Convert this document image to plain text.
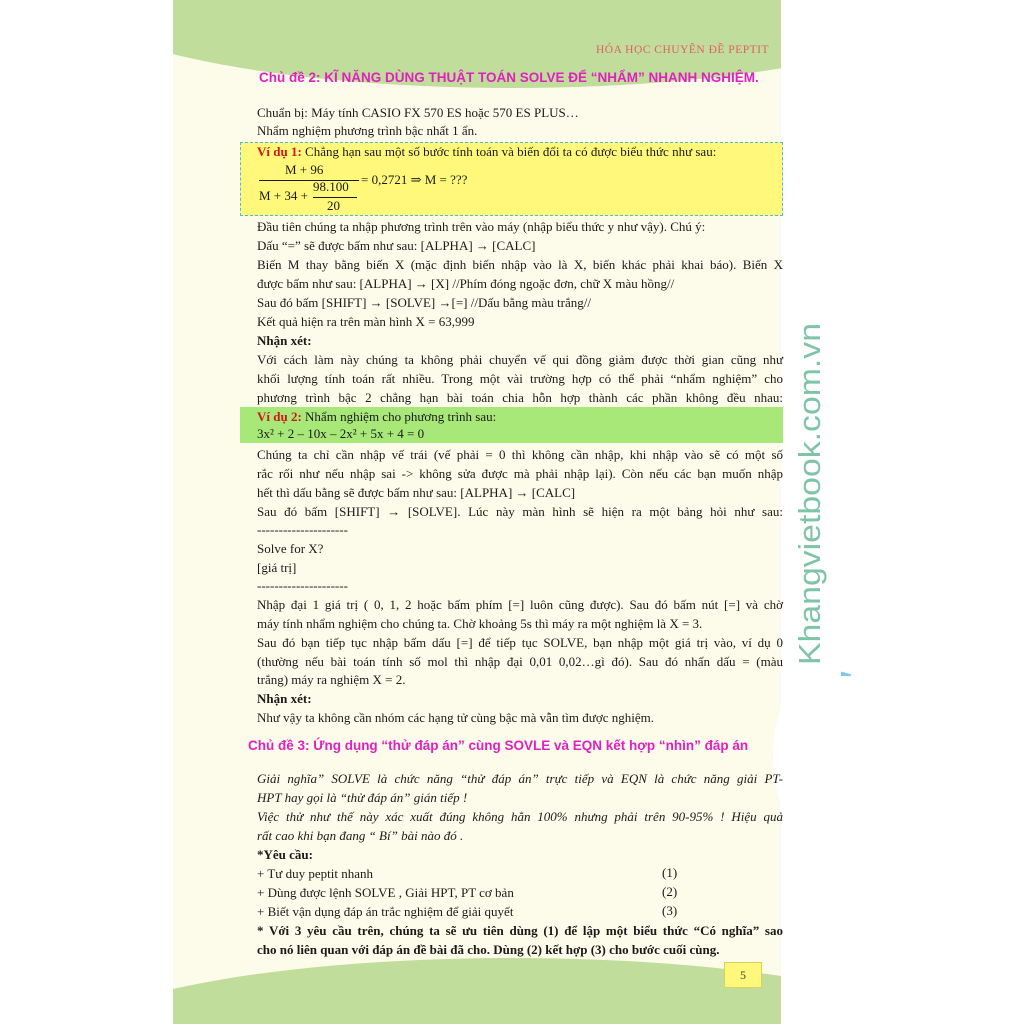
HÓA HỌC CHUYÊN ĐỀ PEPTIT
Chủ đề 2: KĨ NĂNG DÙNG THUẬT TOÁN SOLVE ĐỂ “NHẨM” NHANH NGHIỆM.
Chuẩn bị: Máy tính CASIO FX 570 ES hoặc 570 ES PLUS…
Nhẩm nghiệm phương trình bậc nhất 1 ẩn.
Ví dụ 1: Chẳng hạn sau một số bước tính toán và biến đổi ta có được biểu thức như sau:
M + 96
M + 34 +
98.100
20
= 0,2721 ⇒ M = ???
Đầu tiên chúng ta nhập phương trình trên vào máy (nhập biểu thức y như vậy). Chú ý:
Dấu “=” sẽ được bấm như sau: [ALPHA] → [CALC]
Biến M thay bằng biến X (mặc định biến nhập vào là X, biến khác phải khai báo). Biến X
được bấm như sau: [ALPHA] → [X] //Phím đóng ngoặc đơn, chữ X màu hồng//
Sau đó bấm [SHIFT] → [SOLVE] →[=] //Dấu bằng màu trắng//
Kết quả hiện ra trên màn hình X = 63,999
Nhận xét:
Với cách làm này chúng ta không phải chuyển vế qui đồng giảm được thời gian cũng như
khối lượng tính toán rất nhiều. Trong một vài trường hợp có thể phải “nhẩm nghiệm” cho
phương trình bậc 2 chẳng hạn bài toán chia hỗn hợp thành các phần không đều nhau:
Ví dụ 2: Nhẩm nghiệm cho phương trình sau:
3x² + 2 – 10x – 2x² + 5x + 4 = 0
Chúng ta chỉ cần nhập vế trái (vế phải = 0 thì không cần nhập, khi nhập vào sẽ có một số
rắc rối như nếu nhập sai -> không sửa được mà phải nhập lại). Còn nếu các bạn muốn nhập
hết thì dấu bằng sẽ được bấm như sau: [ALPHA] → [CALC]
Sau đó bấm [SHIFT] → [SOLVE]. Lúc này màn hình sẽ hiện ra một bảng hỏi như sau:
---------------------
Solve for X?
[giá trị]
---------------------
Nhập đại 1 giá trị ( 0, 1, 2 hoặc bấm phím [=] luôn cũng được). Sau đó bấm nút [=] và chờ
máy tính nhẩm nghiệm cho chúng ta. Chờ khoảng 5s thì máy ra một nghiệm là X = 3.
Sau đó bạn tiếp tục nhập bấm dấu [=] để tiếp tục SOLVE, bạn nhập một giá trị vào, ví dụ 0
(thường nếu bài toán tính số mol thì nhập đại 0,01 0,02…gì đó). Sau đó nhấn dấu = (màu
trắng) máy ra nghiệm X = 2.
Nhận xét:
Như vậy ta không cần nhóm các hạng tử cùng bậc mà vẫn tìm được nghiệm.
Chủ đề 3: Ứng dụng “thử đáp án” cùng SOVLE và EQN kết hợp “nhìn” đáp án
Giải nghĩa” SOLVE là chức năng “thử đáp án” trực tiếp và EQN là chức năng giải PT-
HPT hay gọi là “thử đáp án” gián tiếp !
Việc thử như thế này xác xuất đúng không hẳn 100% nhưng phải trên 90-95% ! Hiệu quả
rất cao khi bạn đang “ Bí” bài nào đó .
*Yêu cầu:
+ Tư duy peptit nhanh	(1)
+ Dùng được lệnh SOLVE , Giải HPT, PT cơ bản	(2)
+ Biết vận dụng đáp án trắc nghiệm để giải quyết	(3)
* Với 3 yêu cầu trên, chúng ta sẽ ưu tiên dùng (1) để lập một biểu thức “Có nghĩa” sao
cho nó liên quan với đáp án đề bài đã cho. Dùng (2) kết hợp (3) cho bước cuối cùng.
Khangvietbook.com.vn
5
